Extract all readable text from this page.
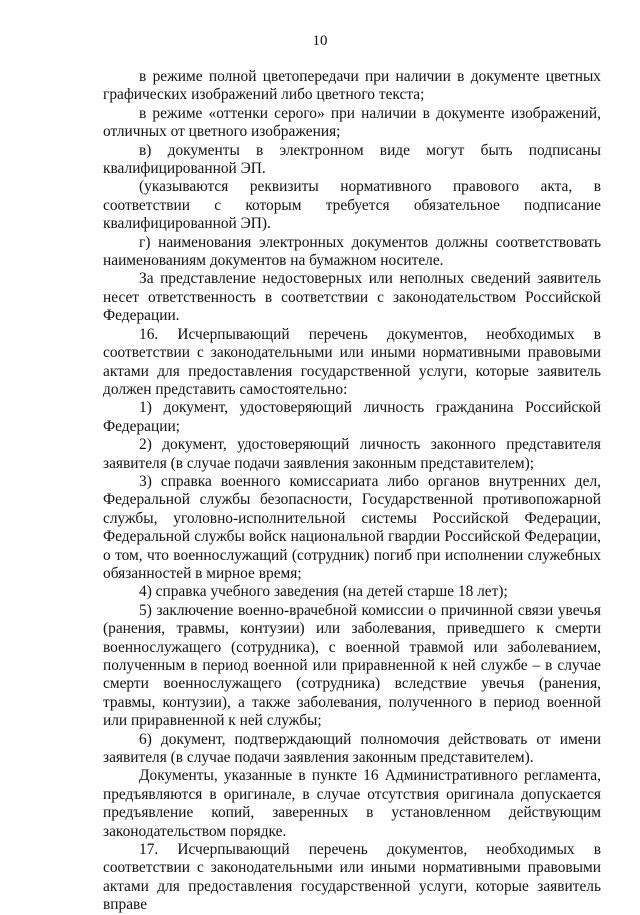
10

в режиме полной цветопередачи при наличии в документе цветных графических изображений либо цветного текста;

в режиме «оттенки серого» при наличии в документе изображений, отличных от цветного изображения;

в) документы в электронном виде могут быть подписаны квалифицированной ЭП.

(указываются реквизиты нормативного правового акта, в соответствии с которым требуется обязательное подписание квалифицированной ЭП).

г) наименования электронных документов должны соответствовать наименованиям документов на бумажном носителе.

За представление недостоверных или неполных сведений заявитель несет ответственность в соответствии с законодательством Российской Федерации.

16. Исчерпывающий перечень документов, необходимых в соответствии с законодательными или иными нормативными правовыми актами для предоставления государственной услуги, которые заявитель должен представить самостоятельно:

1) документ, удостоверяющий личность гражданина Российской Федерации;

2) документ, удостоверяющий личность законного представителя заявителя (в случае подачи заявления законным представителем);

3) справка военного комиссариата либо органов внутренних дел, Федеральной службы безопасности, Государственной противопожарной службы, уголовно-исполнительной системы Российской Федерации, Федеральной службы войск национальной гвардии Российской Федерации, о том, что военнослужащий (сотрудник) погиб при исполнении служебных обязанностей в мирное время;

4) справка учебного заведения (на детей старше 18 лет);

5) заключение военно-врачебной комиссии о причинной связи увечья (ранения, травмы, контузии) или заболевания, приведшего к смерти военнослужащего (сотрудника), с военной травмой или заболеванием, полученным в период военной или приравненной к ней службе – в случае смерти военнослужащего (сотрудника) вследствие увечья (ранения, травмы, контузии), а также заболевания, полученного в период военной или приравненной к ней службы;

6) документ, подтверждающий полномочия действовать от имени заявителя (в случае подачи заявления законным представителем).

Документы, указанные в пункте 16 Административного регламента, предъявляются в оригинале, в случае отсутствия оригинала допускается предъявление копий, заверенных в установленном действующим законодательством порядке.

17. Исчерпывающий перечень документов, необходимых в соответствии с законодательными или иными нормативными правовыми актами для предоставления государственной услуги, которые заявитель вправе
